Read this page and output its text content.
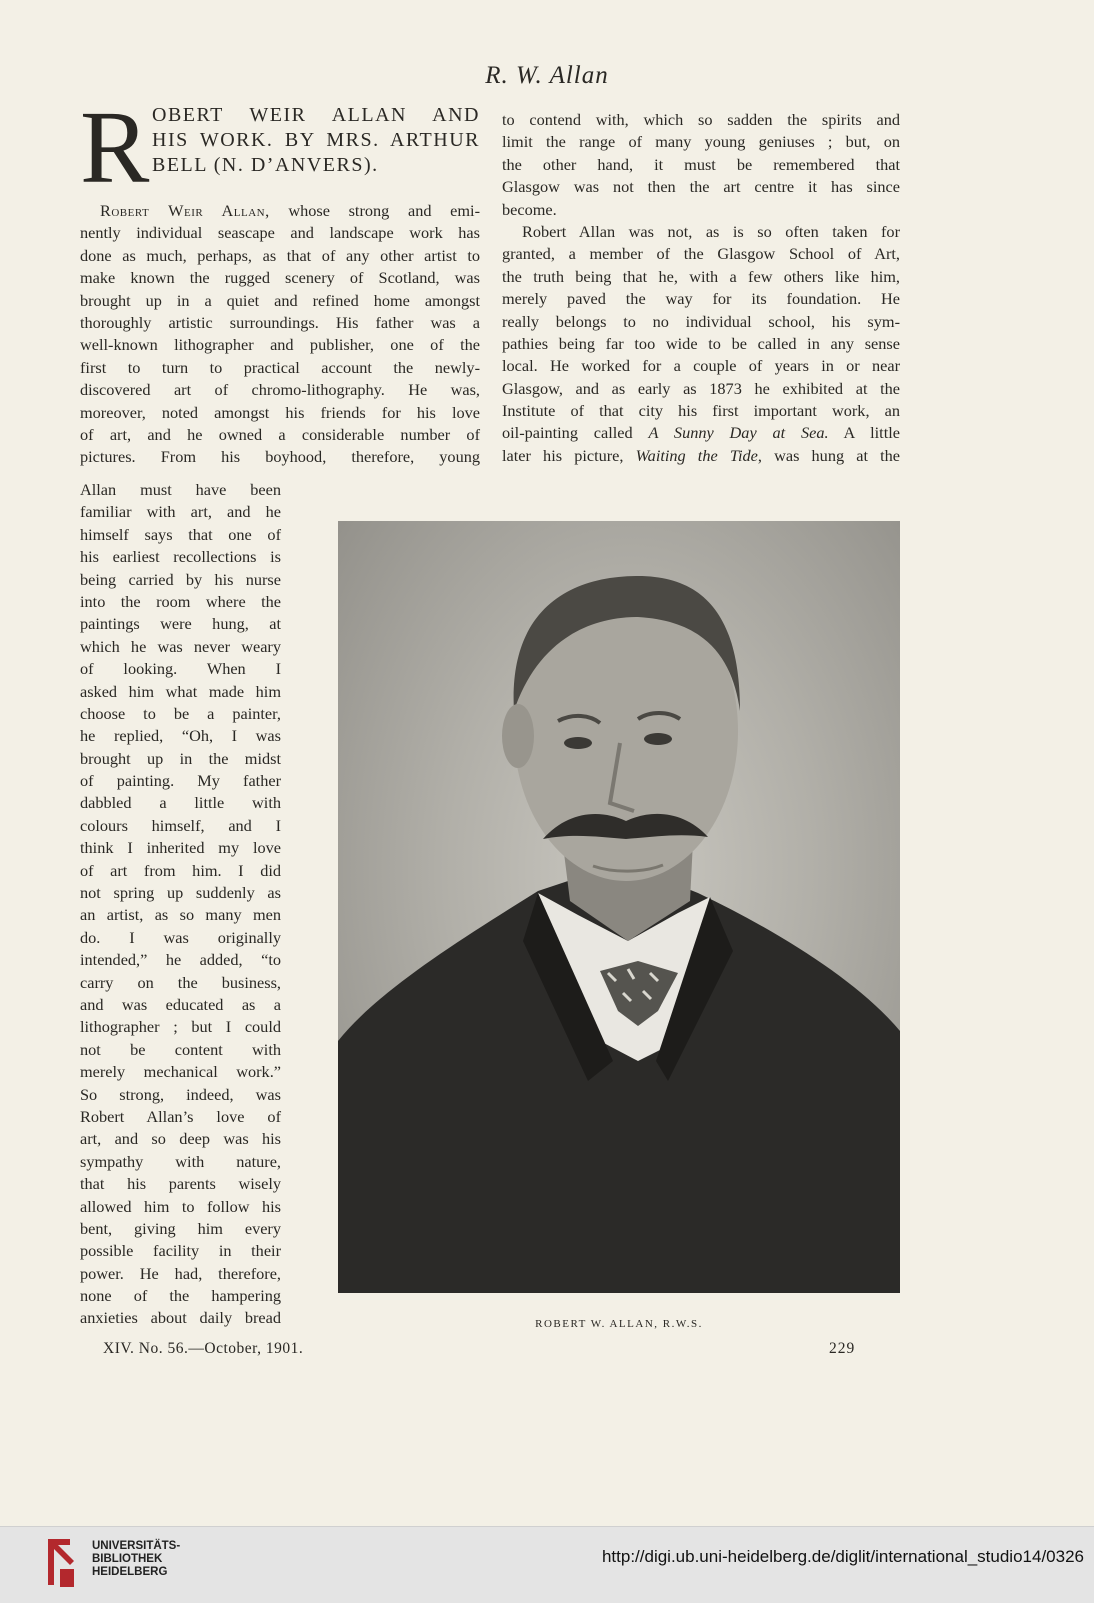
R. W. Allan
R OBERT WEIR ALLAN AND
HIS WORK. BY MRS. ARTHUR
BELL (N. D’ANVERS).
Robert Weir Allan, whose strong and emi-
nently individual seascape and landscape work has
done as much, perhaps, as that of any other artist to
make known the rugged scenery of Scotland, was
brought up in a quiet and refined home amongst
thoroughly artistic surroundings. His father was a
well-known lithographer and publisher, one of the
first to turn to practical account the newly-
discovered art of chromo-lithography. He was,
moreover, noted amongst his friends for his love
of art, and he owned a considerable number of
pictures. From his boyhood, therefore, young
Allan must have been
familiar with art, and he
himself says that one of
his earliest recollections is
being carried by his nurse
into the room where the
paintings were hung, at
which he was never weary
of looking. When I
asked him what made him
choose to be a painter,
he replied, “Oh, I was
brought up in the midst
of painting. My father
dabbled a little with
colours himself, and I
think I inherited my love
of art from him. I did
not spring up suddenly as
an artist, as so many men
do. I was originally
intended,” he added, “to
carry on the business,
and was educated as a
lithographer ; but I could
not be content with
merely mechanical work.”
So strong, indeed, was
Robert Allan’s love of
art, and so deep was his
sympathy with nature,
that his parents wisely
allowed him to follow his
bent, giving him every
possible facility in their
power. He had, therefore,
none of the hampering
anxieties about daily bread
to contend with, which so sadden the spirits and
limit the range of many young geniuses ; but, on
the other hand, it must be remembered that
Glasgow was not then the art centre it has since
become.
Robert Allan was not, as is so often taken for
granted, a member of the Glasgow School of Art,
the truth being that he, with a few others like him,
merely paved the way for its foundation. He
really belongs to no individual school, his sym-
pathies being far too wide to be called in any sense
local. He worked for a couple of years in or near
Glasgow, and as early as 1873 he exhibited at the
Institute of that city his first important work, an
oil-painting called A Sunny Day at Sea. A little
later his picture, Waiting the Tide, was hung at the
ROBERT W. ALLAN, R.W.S.
XIV. No. 56.—October, 1901.	229
UNIVERSITÄTS-
BIBLIOTHEK
HEIDELBERG
http://digi.ub.uni-heidelberg.de/diglit/international_studio14/0326
